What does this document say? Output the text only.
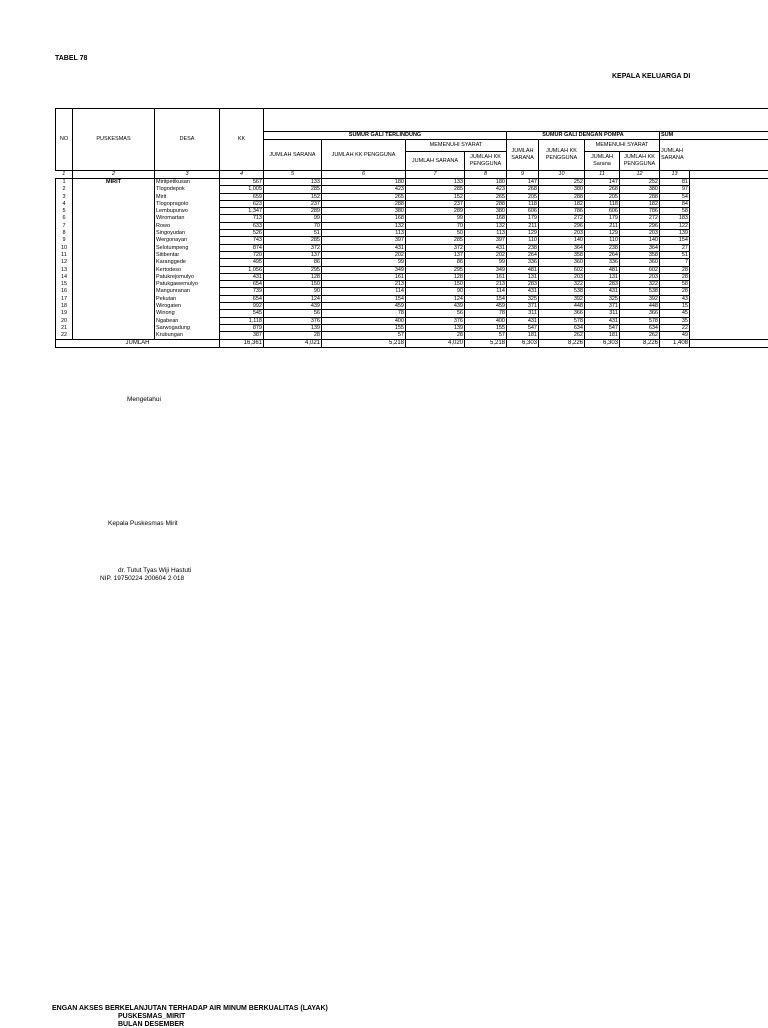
TABEL 78
KEPALA KELUARGA DI
NO	PUSKESMAS	DESA	KK										
				SUMUR GALI TERLINDUNG				SUMUR GALI DENGAN POMPA				SUM	
				JUMLAH SARANA	JUMLAH KK PENGGUNA	MEMENUHI SYARAT		JUMLAH
SARANA	JUMLAH KK
PENGGUNA	MEMENUHI SYARAT		JUMLAH
SARANA	
						JUMLAH SARANA	JUMLAH KK
PENGGUNA			JUMLAH
Sarana	JUMLAH KK
PENGGUNA		
1	2	3	4	5	6	7	8	9	10	11	12	13	
1	MIRIT	Miritpetikusan	567	133	180	133	180	147	252	147	252	81	
2		Tlogodepok	1,005	285	423	285	423	268	380	268	380	97	
3		Mirit	659	152	265	152	265	205	288	205	288	54	
4		Tlogopragoto	623	237	288	237	288	118	182	118	182	84	
5		Lembupurwo	1,347	289	380	289	380	606	786	606	786	58	
6		Wiromartan	713	99	168	99	168	179	272	179	272	183	
7		Rowo	633	70	132	70	132	211	296	211	296	122	
8		Singoyudan	526	51	113	50	113	129	203	129	203	139	
9		Wergonayan	743	285	397	285	397	110	140	110	140	154	
10		Selotumpeng	874	372	431	372	431	238	364	238	364	27	
11		Sitibentar	720	137	202	137	202	264	358	264	358	51	
12		Karanggede	495	86	99	86	99	336	360	336	360	7	
13		Kertodeso	1,056	295	349	295	349	481	602	481	602	28	
14		Patukrejomulyo	431	128	161	128	161	131	203	131	203	28	
15		Patukgawemulyo	654	150	213	150	213	283	322	283	322	58	
16		Mangunranan	739	90	114	90	114	431	538	431	538	28	
17		Pekutan	654	124	154	124	154	325	392	325	392	43	
18		Wirogaten	992	439	459	439	459	371	448	371	448	15	
19		Winong	545	56	78	56	78	311	366	311	366	45	
20		Ngabean	1,118	376	400	376	400	431	578	431	578	35	
21		Sarwogadung	879	139	155	139	155	547	634	547	634	22	
22		Krubungan	387	28	57	28	57	181	262	181	262	49	
JUMLAH			16,361	4,021	5,218	4,020	5,218	6,303	8,226	6,303	8,226	1,408	
Mengetahui
Kepala Puskesmas Mirit
dr. Tutut Tyas Wiji Hastuti
NIP. 19750224 200604 2 018
ENGAN AKSES BERKELANJUTAN TERHADAP AIR MINUM BERKUALITAS (LAYAK)
PUSKESMAS_MIRIT
BULAN DESEMBER
